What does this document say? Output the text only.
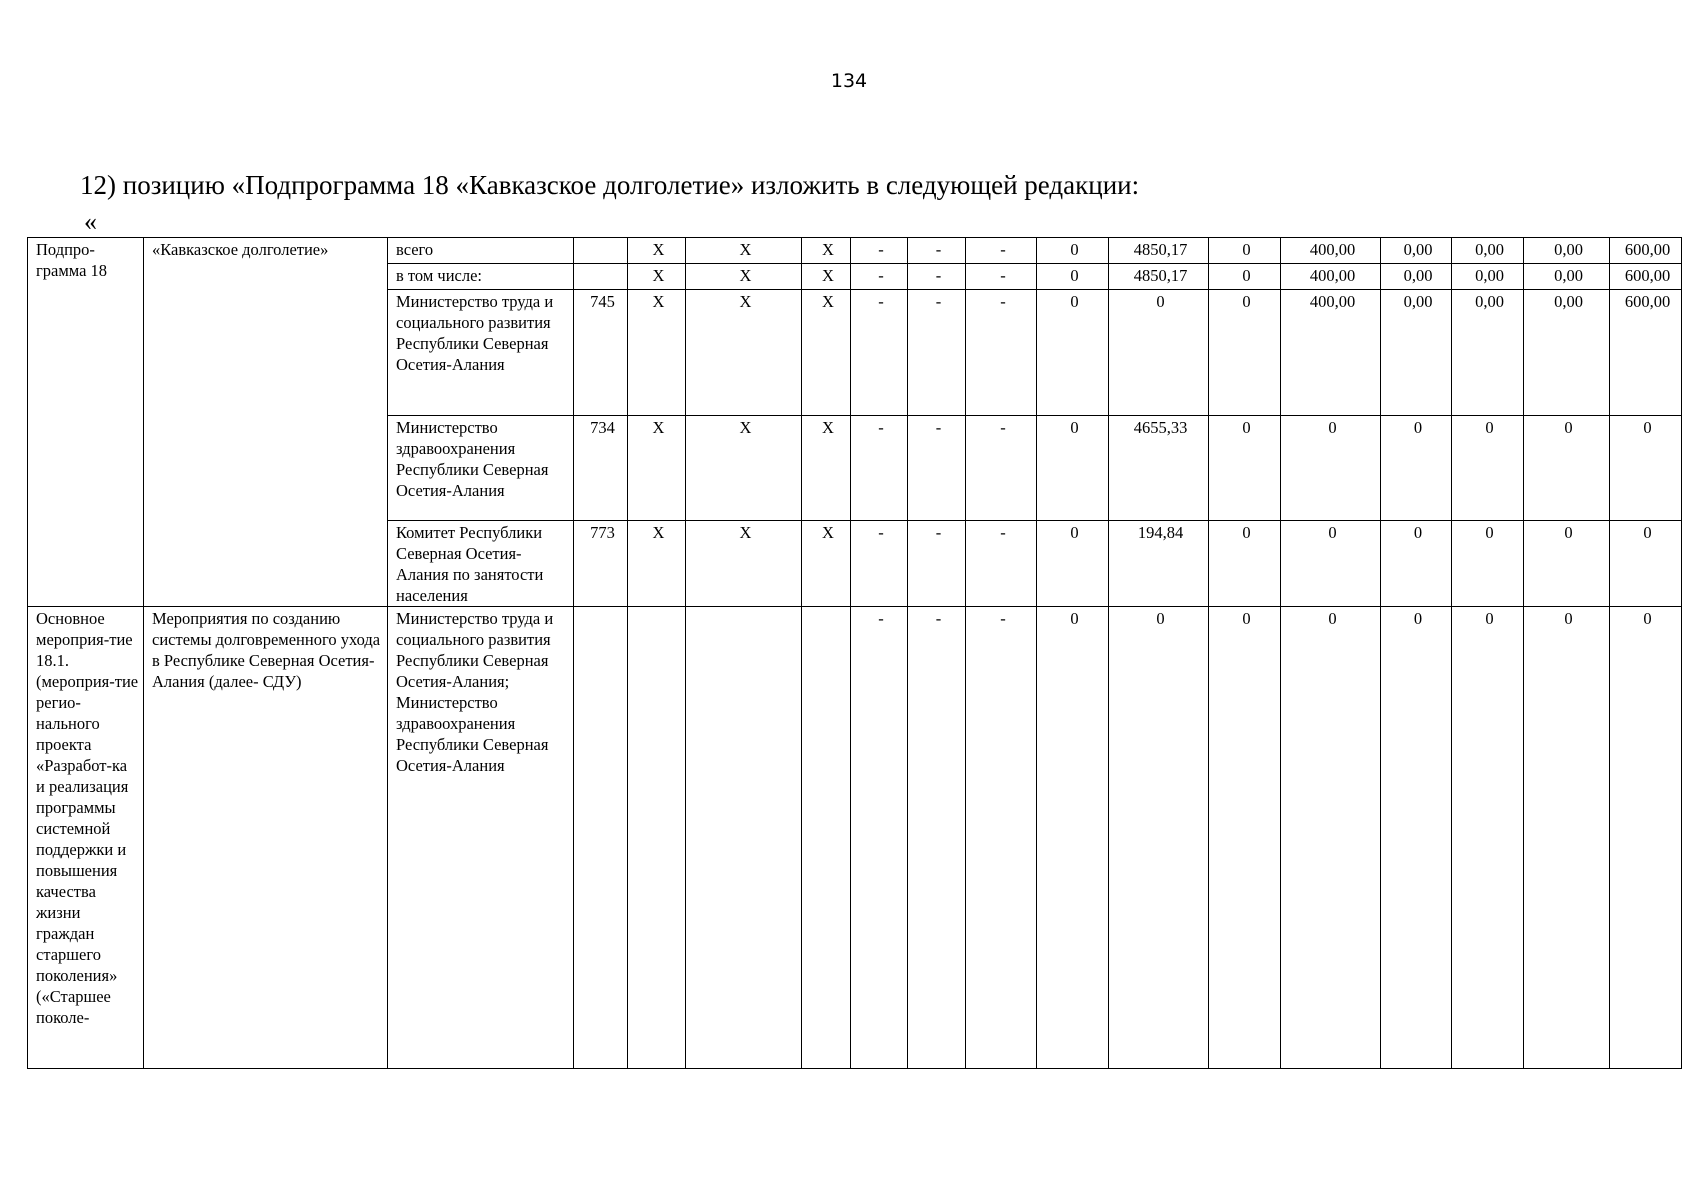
134
12) позицию «Подпрограмма 18 «Кавказское долголетие» изложить в следующей редакции:
«
Подпро-грамма 18	«Кавказское долголетие»	всего		Х	Х	Х	-	-	-	0	4850,17	0	400,00	0,00	0,00	0,00	600,00
		в том числе:		Х	Х	Х	-	-	-	0	4850,17	0	400,00	0,00	0,00	0,00	600,00
		Министерство труда и социального развития Республики Северная Осетия-Алания	745	Х	Х	Х	-	-	-	0	0	0	400,00	0,00	0,00	0,00	600,00
		Министерство здравоохранения Республики Северная Осетия-Алания	734	Х	Х	Х	-	-	-	0	4655,33	0	0	0	0	0	0
		Комитет Республики Северная Осетия-Алания по занятости населения	773	Х	Х	Х	-	-	-	0	194,84	0	0	0	0	0	0
Основное мероприя-тие 18.1. (мероприя-тие регио-нального проекта «Разработ-ка и реализация программы системной поддержки и повышения качества жизни граждан старшего поколения» («Старшее поколе-	Мероприятия по созданию системы долговременного ухода в Республике Северная Осетия-Алания (далее- СДУ)	Министерство труда и социального развития Республики Северная Осетия-Алания; Министерство здравоохранения Республики Северная Осетия-Алания					-	-	-	0	0	0	0	0	0	0	0
